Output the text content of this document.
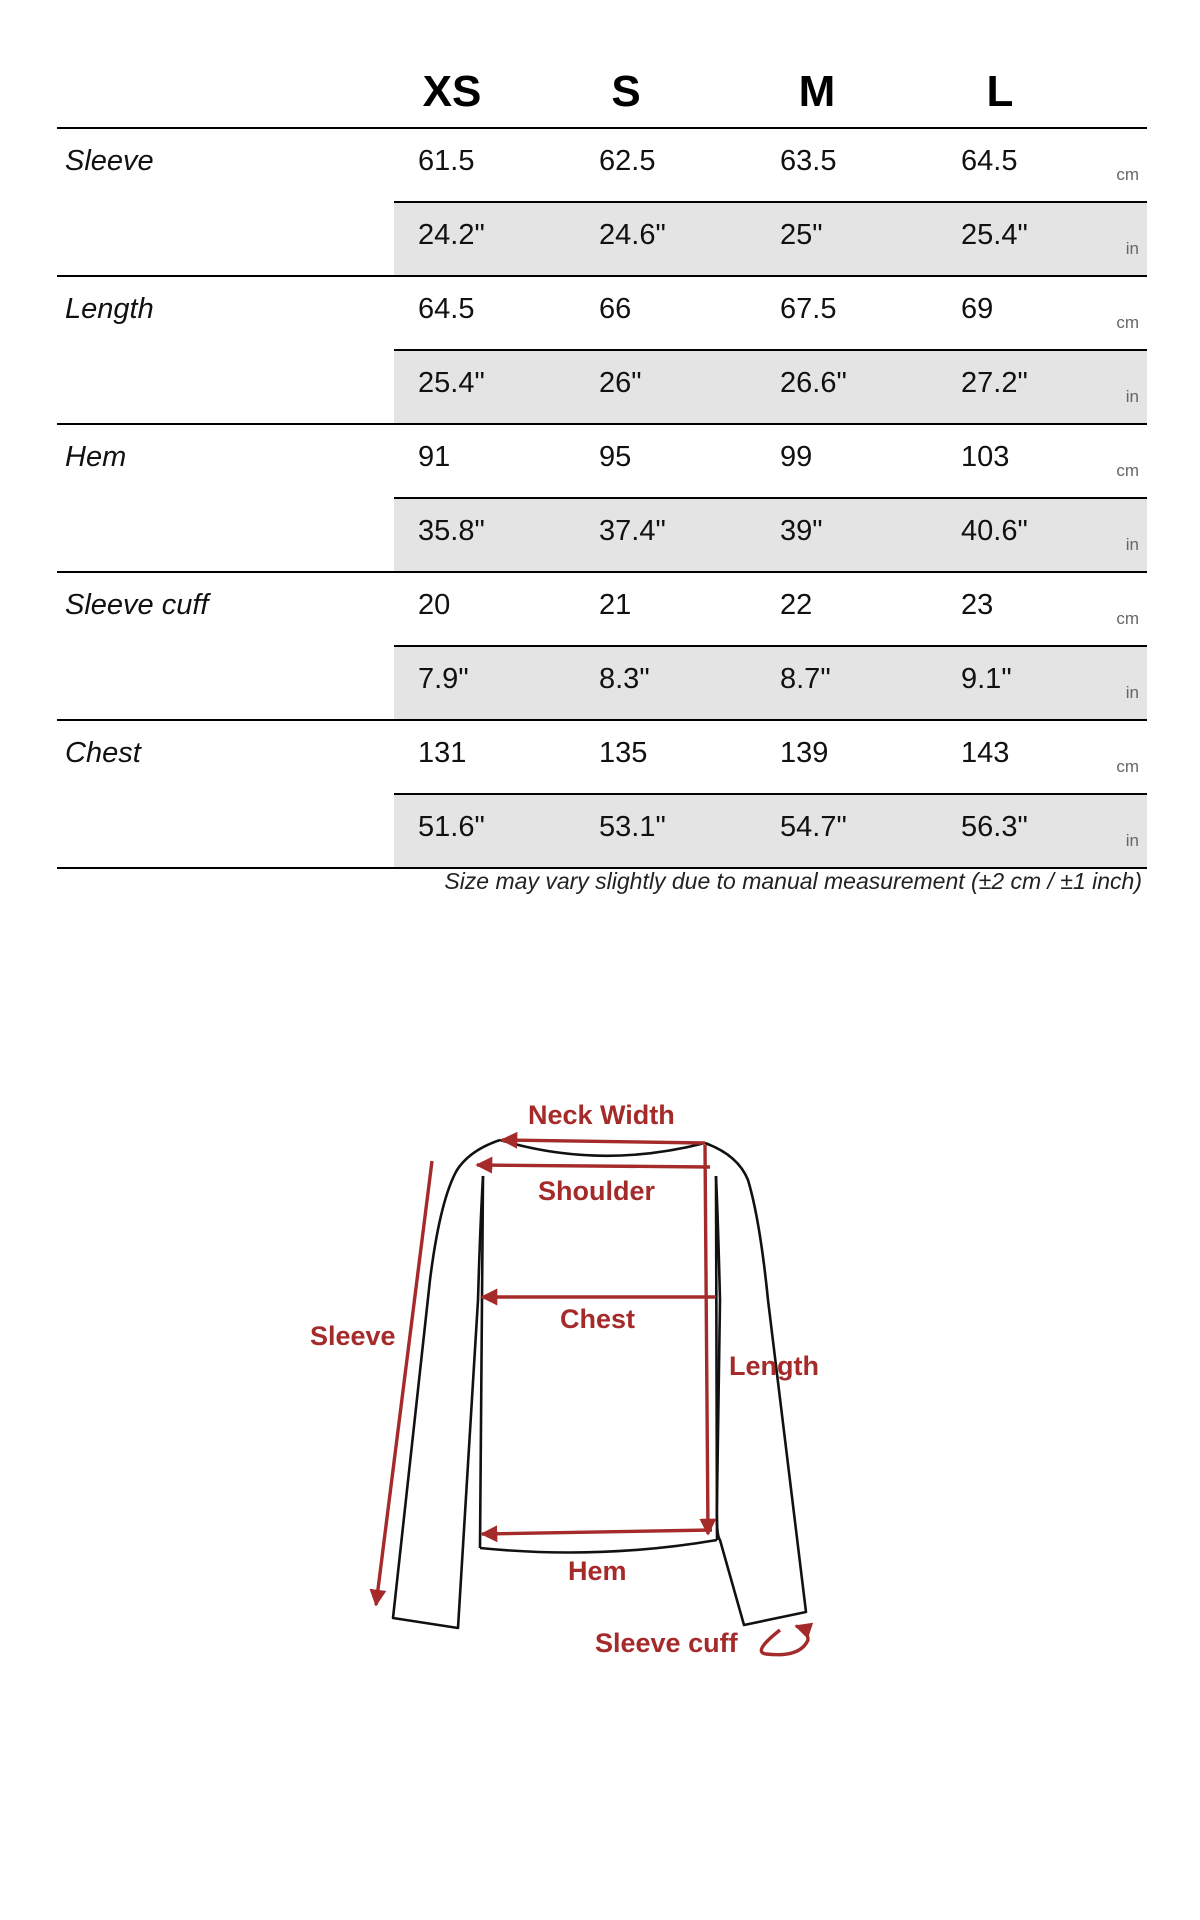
XS	S	M	L
Sleeve	61.5	62.5	63.5	64.5	cm
24.2"	24.6"	25"	25.4"	in
Length	64.5	66	67.5	69	cm
25.4"	26"	26.6"	27.2"	in
Hem	91	95	99	103	cm
35.8"	37.4"	39"	40.6"	in
Sleeve cuff	20	21	22	23	cm
7.9"	8.3"	8.7"	9.1"	in
Chest	131	135	139	143	cm
51.6"	53.1"	54.7"	56.3"	in
Size may vary slightly due to manual measurement (±2 cm / ±1 inch)
Neck Width
Shoulder
Chest
Sleeve
Length
Hem
Sleeve cuff
